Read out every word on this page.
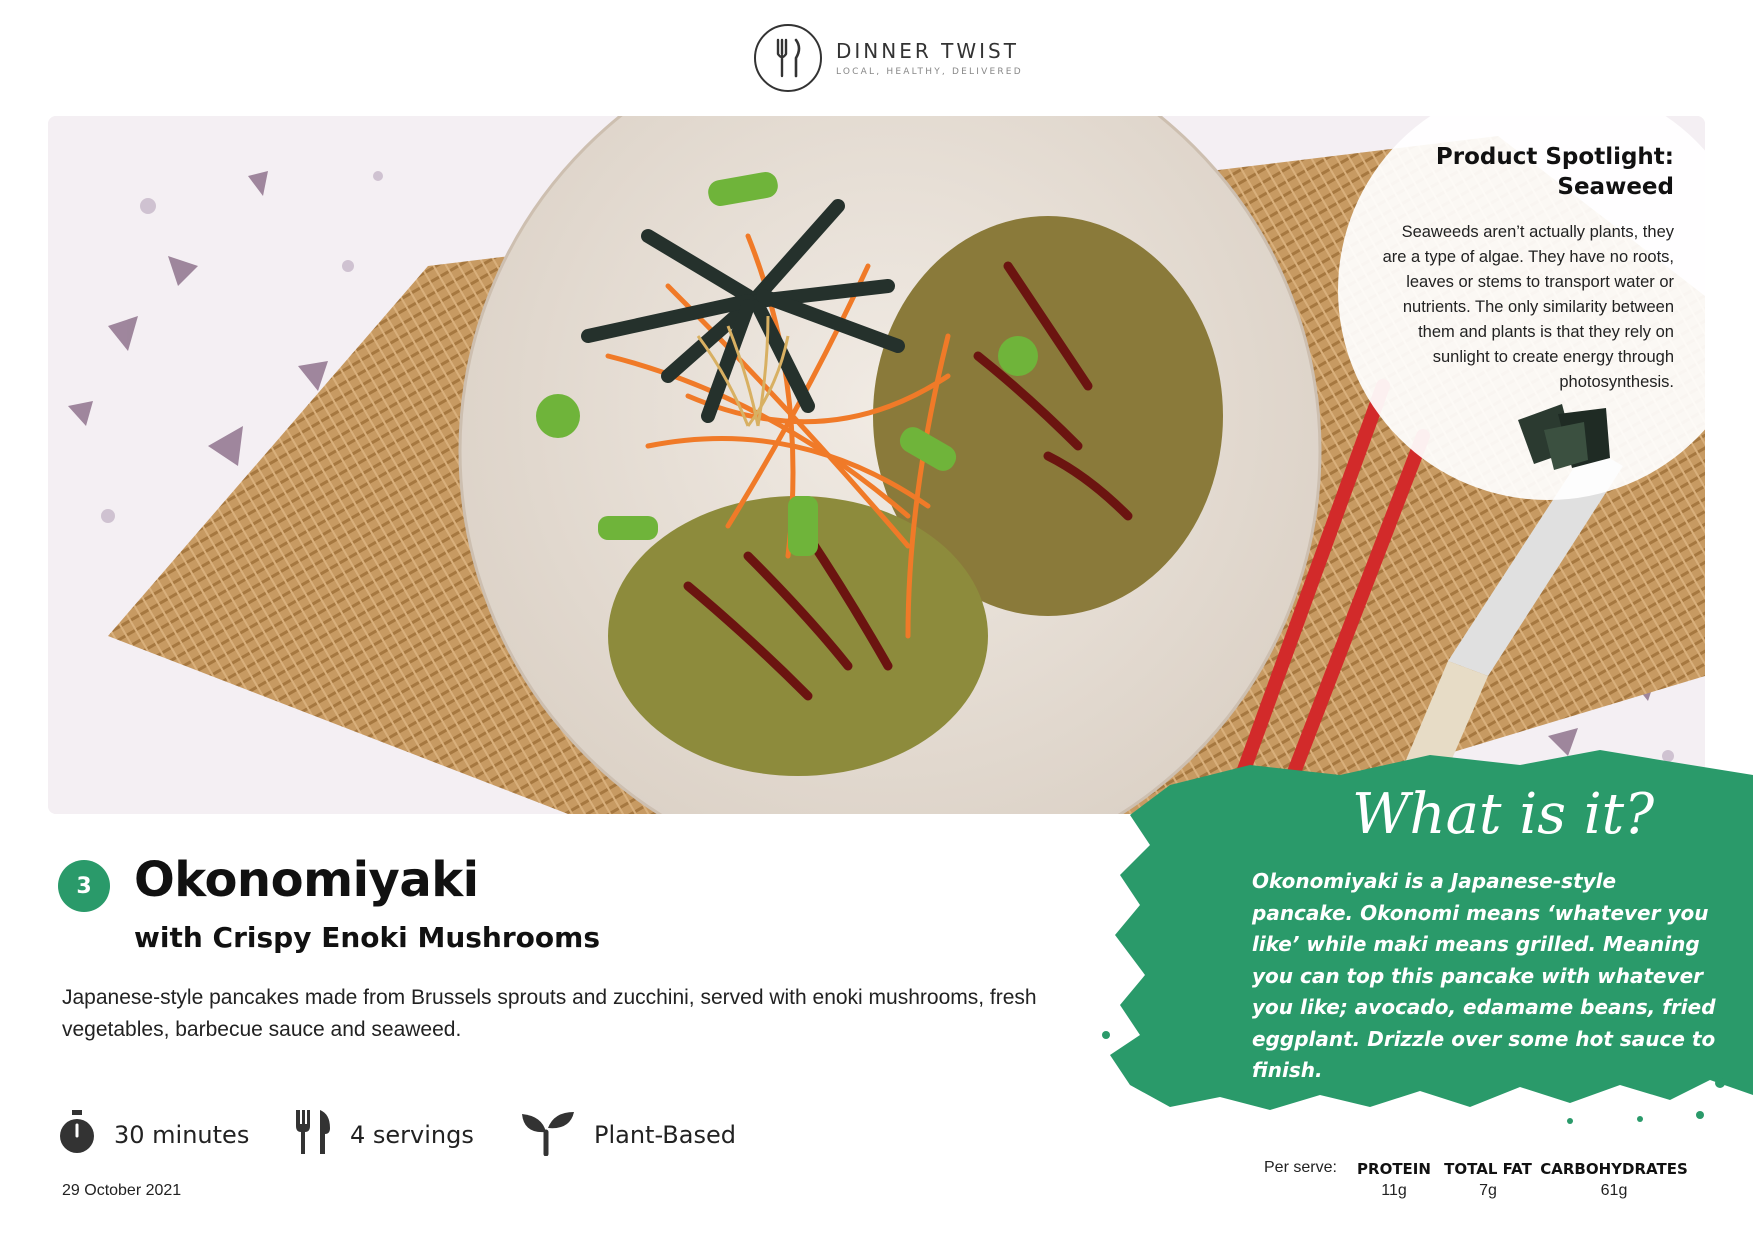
DINNER TWIST
LOCAL, HEALTHY, DELIVERED
Product Spotlight:
Seaweed
Seaweeds aren’t actually plants, they are a type of algae. They have no roots, leaves or stems to transport water or nutrients. The only similarity between them and plants is that they rely on sunlight to create energy through photosynthesis.
What is it?
Okonomiyaki is a Japanese-style pancake. Okonomi means ‘whatever you like’ while maki means grilled. Meaning you can top this pancake with whatever you like; avocado, edamame beans, fried eggplant. Drizzle over some hot sauce to finish.
3 Okonomiyaki
with Crispy Enoki Mushrooms
Japanese-style pancakes made from Brussels sprouts and zucchini, served with enoki mushrooms, fresh vegetables, barbecue sauce and seaweed.
30 minutes	4 servings	Plant-Based
29 October 2021
Per serve: PROTEIN
11g
TOTAL FAT
7g
CARBOHYDRATES
61g
